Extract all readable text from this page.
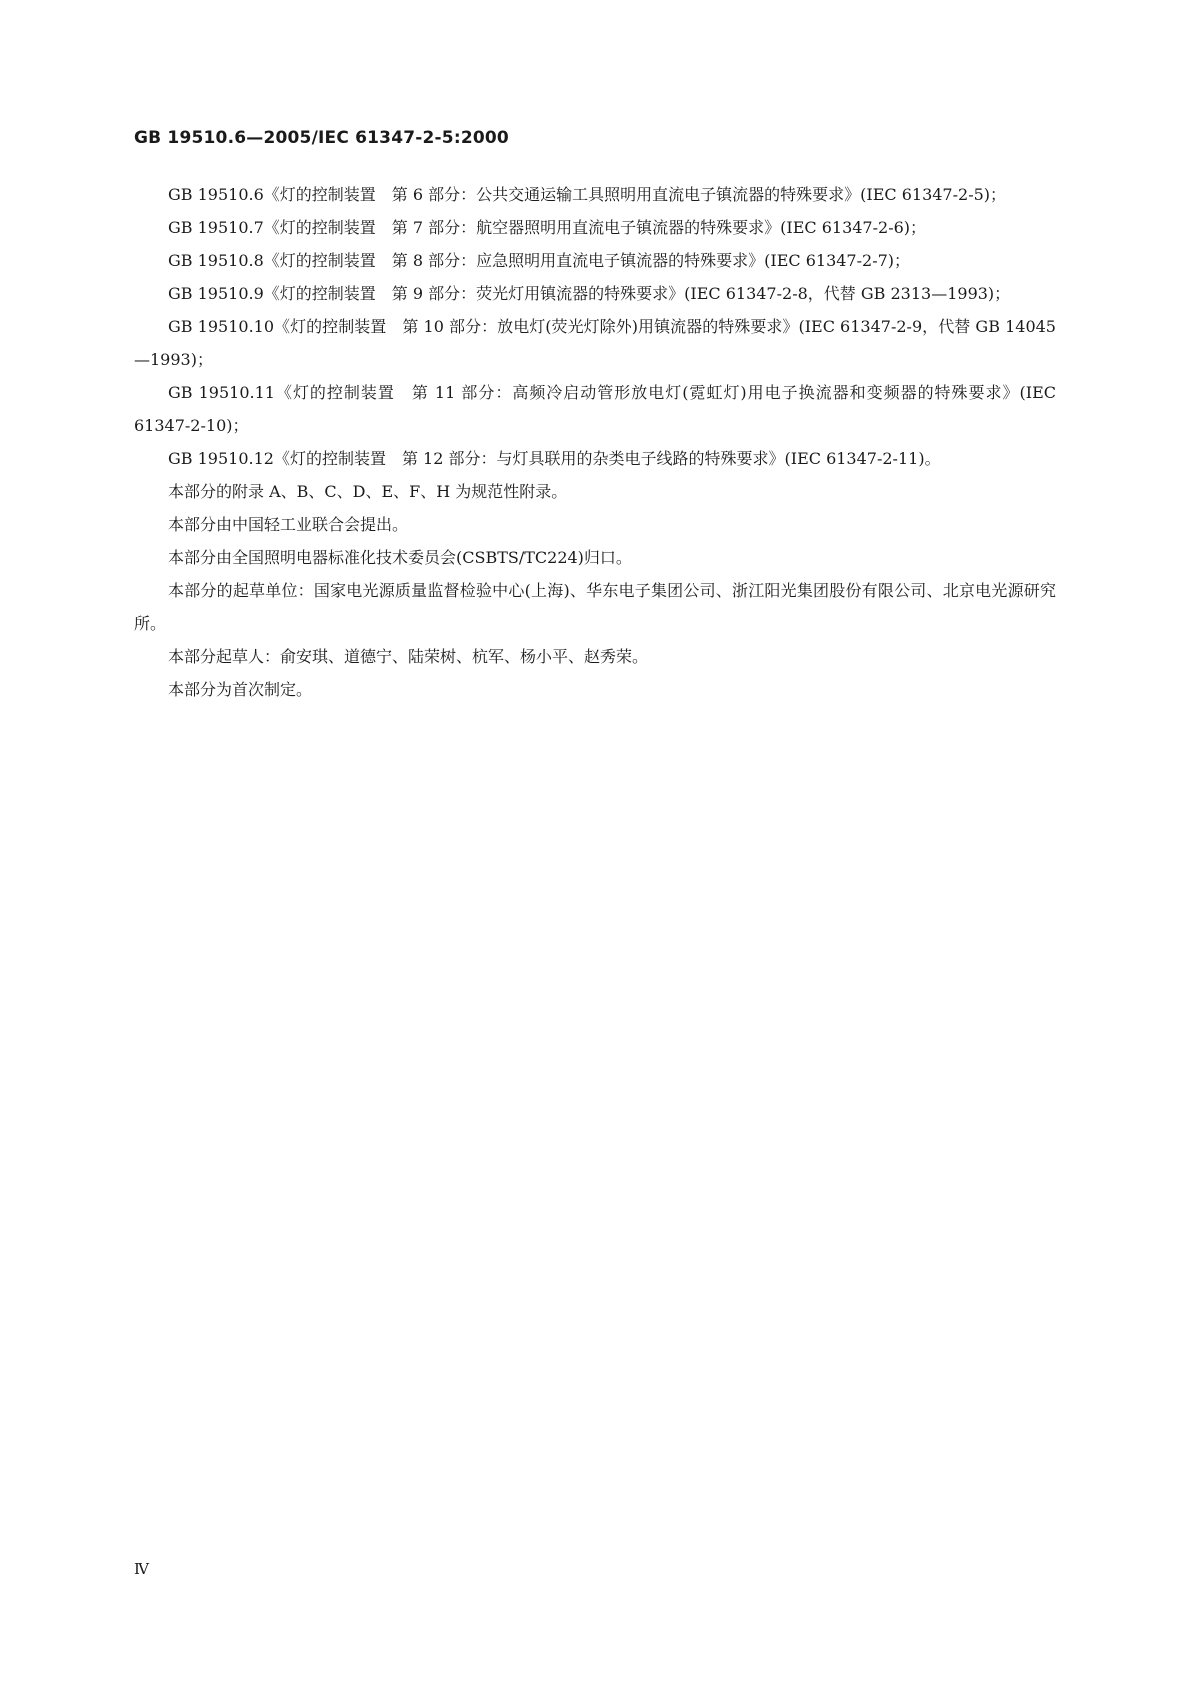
GB 19510.6—2005/IEC 61347-2-5:2000

GB 19510.6《灯的控制装置　第 6 部分：公共交通运输工具照明用直流电子镇流器的特殊要求》(IEC 61347-2-5)；

GB 19510.7《灯的控制装置　第 7 部分：航空器照明用直流电子镇流器的特殊要求》(IEC 61347-2-6)；

GB 19510.8《灯的控制装置　第 8 部分：应急照明用直流电子镇流器的特殊要求》(IEC 61347-2-7)；

GB 19510.9《灯的控制装置　第 9 部分：荧光灯用镇流器的特殊要求》(IEC 61347-2-8，代替 GB 2313—1993)；

GB 19510.10《灯的控制装置　第 10 部分：放电灯(荧光灯除外)用镇流器的特殊要求》(IEC 61347-2-9，代替 GB 14045—1993)；

GB 19510.11《灯的控制装置　第 11 部分：高频冷启动管形放电灯(霓虹灯)用电子换流器和变频器的特殊要求》(IEC 61347-2-10)；

GB 19510.12《灯的控制装置　第 12 部分：与灯具联用的杂类电子线路的特殊要求》(IEC 61347-2-11)。

本部分的附录 A、B、C、D、E、F、H 为规范性附录。

本部分由中国轻工业联合会提出。

本部分由全国照明电器标准化技术委员会(CSBTS/TC224)归口。

本部分的起草单位：国家电光源质量监督检验中心(上海)、华东电子集团公司、浙江阳光集团股份有限公司、北京电光源研究所。

本部分起草人：俞安琪、道德宁、陆荣树、杭军、杨小平、赵秀荣。

本部分为首次制定。

Ⅳ
